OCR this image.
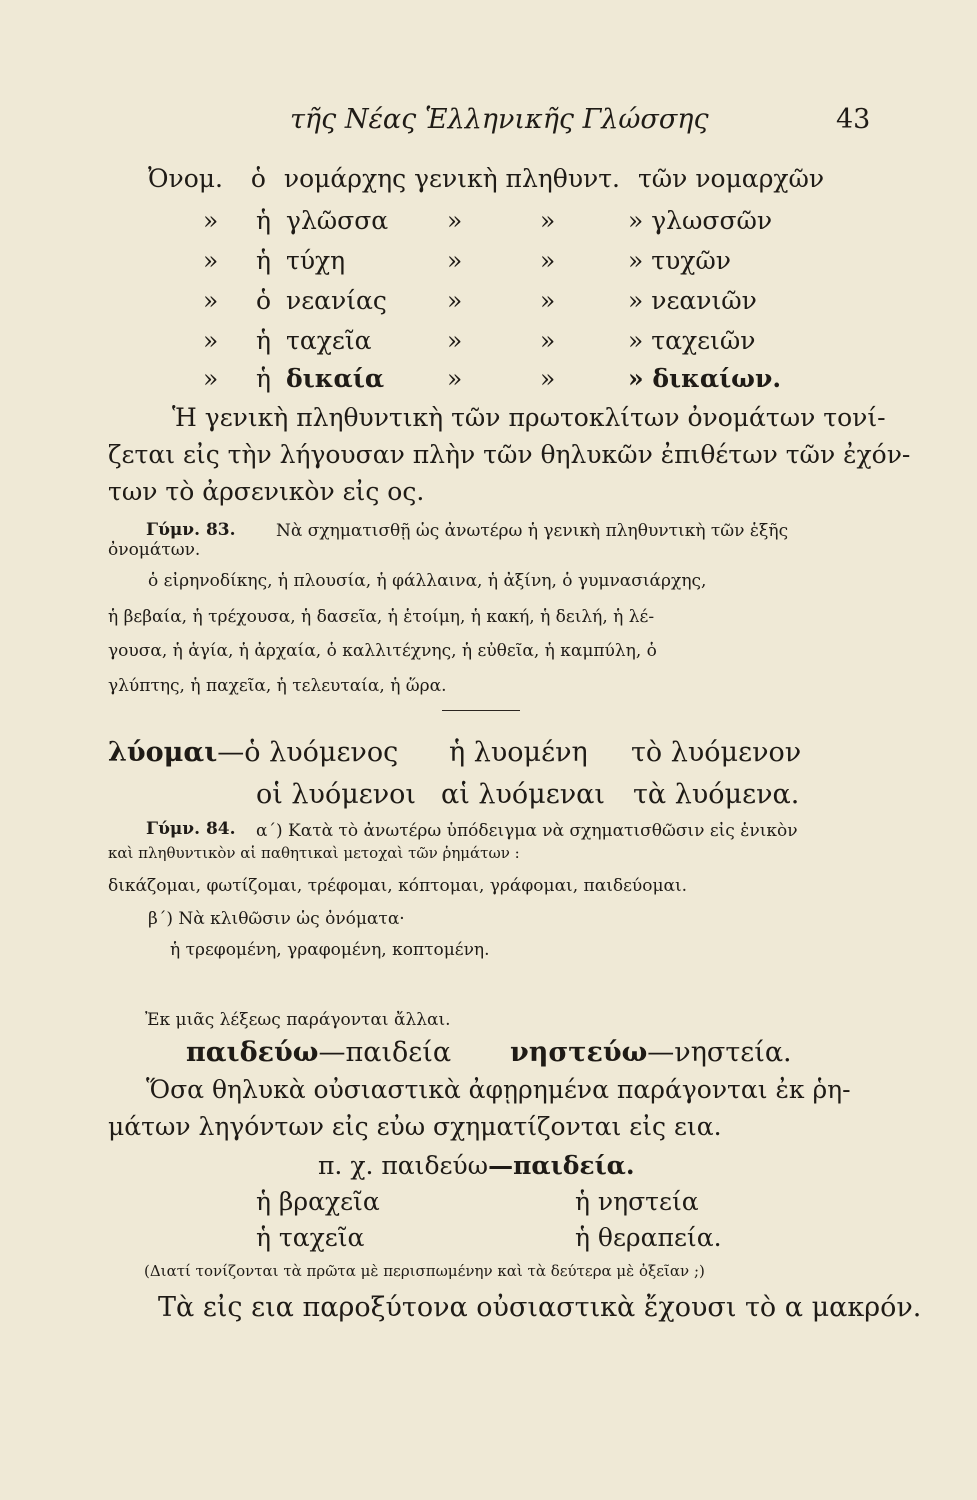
τῆς Νέας Ἑλληνικῆς Γλώσσης	43
Ὀνομ. ὁ νομάρχης γενικὴ πληθυντ. τῶν νομαρχῶν
» ἡ γλῶσσα »	»	» γλωσσῶν
» ἡ τύχη	»	»	» τυχῶν
» ὁ νεανίας »	»	» νεανιῶν
» ἡ ταχεῖα	»	»	» ταχειῶν
» ἡ δικαία	»	»	» δικαίων.
Ἡ γενικὴ πληθυντικὴ τῶν πρωτοκλίτων ὀνομάτων τονί-
ζεται εἰς τὴν λήγουσαν πλὴν τῶν θηλυκῶν ἐπιθέτων τῶν ἐχόν-
των τὸ ἀρσενικὸν εἰς ος.
Γύμν. 83. Νὰ σχηματισθῇ ὡς ἀνωτέρω ἡ γενικὴ πληθυντικὴ τῶν ἑξῆς
ὀνομάτων.
ὁ εἰρηνοδίκης, ἡ πλουσία, ἡ φάλλαινα, ἡ ἀξίνη, ὁ γυμνασιάρχης,
ἡ βεβαία, ἡ τρέχουσα, ἡ δασεῖα, ἡ ἑτοίμη, ἡ κακή, ἡ δειλή, ἡ λέ-
γουσα, ἡ ἁγία, ἡ ἀρχαία, ὁ καλλιτέχνης, ἡ εὐθεῖα, ἡ καμπύλη, ὁ
γλύπτης, ἡ παχεῖα, ἡ τελευταία, ἡ ὥρα.
λύομαι—ὁ λυόμενος ἡ λυομένη τὸ λυόμενον
οἱ λυόμενοι αἱ λυόμεναι τὰ λυόμενα.
Γύμν. 84. α΄) Κατὰ τὸ ἀνωτέρω ὑπόδειγμα νὰ σχηματισθῶσιν εἰς ἑνικὸν
καὶ πληθυντικὸν αἱ παθητικαὶ μετοχαὶ τῶν ῥημάτων :
δικάζομαι, φωτίζομαι, τρέφομαι, κόπτομαι, γράφομαι, παιδεύομαι.
β΄) Νὰ κλιθῶσιν ὡς ὀνόματα·
ἡ τρεφομένη, γραφομένη, κοπτομένη.
Ἐκ μιᾶς λέξεως παράγονται ἄλλαι.
παιδεύω—παιδεία νηστεύω—νηστεία.
Ὅσα θηλυκὰ οὐσιαστικὰ ἀφῃρημένα παράγονται ἐκ ῥη-
μάτων ληγόντων εἰς εὐω σχηματίζονται εἰς εια.
π. χ. παιδεύω—παιδεία.
ἡ βραχεῖα	ἡ νηστεία
ἡ ταχεῖα	ἡ θεραπεία.
(Διατί τονίζονται τὰ πρῶτα μὲ περισπωμένην καὶ τὰ δεύτερα μὲ ὀξεῖαν ;)
Τὰ εἰς εια παροξύτονα οὐσιαστικὰ ἔχουσι τὸ α μακρόν.
